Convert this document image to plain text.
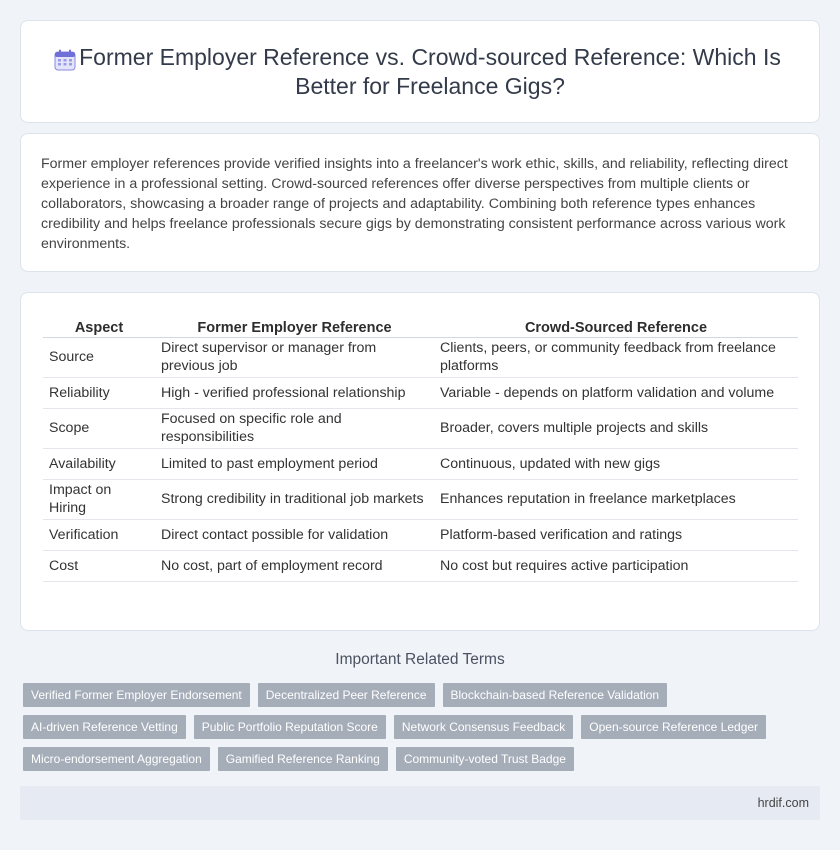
Former Employer Reference vs. Crowd-sourced Reference: Which Is Better for Freelance Gigs?

Former employer references provide verified insights into a freelancer's work ethic, skills, and reliability, reflecting direct experience in a professional setting. Crowd-sourced references offer diverse perspectives from multiple clients or collaborators, showcasing a broader range of projects and adaptability. Combining both reference types enhances credibility and helps freelance professionals secure gigs by demonstrating consistent performance across various work environments.

Aspect	Former Employer Reference	Crowd-Sourced Reference
Source	Direct supervisor or manager from previous job	Clients, peers, or community feedback from freelance platforms
Reliability	High - verified professional relationship	Variable - depends on platform validation and volume
Scope	Focused on specific role and responsibilities	Broader, covers multiple projects and skills
Availability	Limited to past employment period	Continuous, updated with new gigs
Impact on Hiring	Strong credibility in traditional job markets	Enhances reputation in freelance marketplaces
Verification	Direct contact possible for validation	Platform-based verification and ratings
Cost	No cost, part of employment record	No cost but requires active participation
Important Related Terms
Verified Former Employer Endorsement	Decentralized Peer Reference	Blockchain-based Reference Validation
AI-driven Reference Vetting	Public Portfolio Reputation Score	Network Consensus Feedback	Open-source Reference Ledger
Micro-endorsement Aggregation	Gamified Reference Ranking	Community-voted Trust Badge
hrdif.com
